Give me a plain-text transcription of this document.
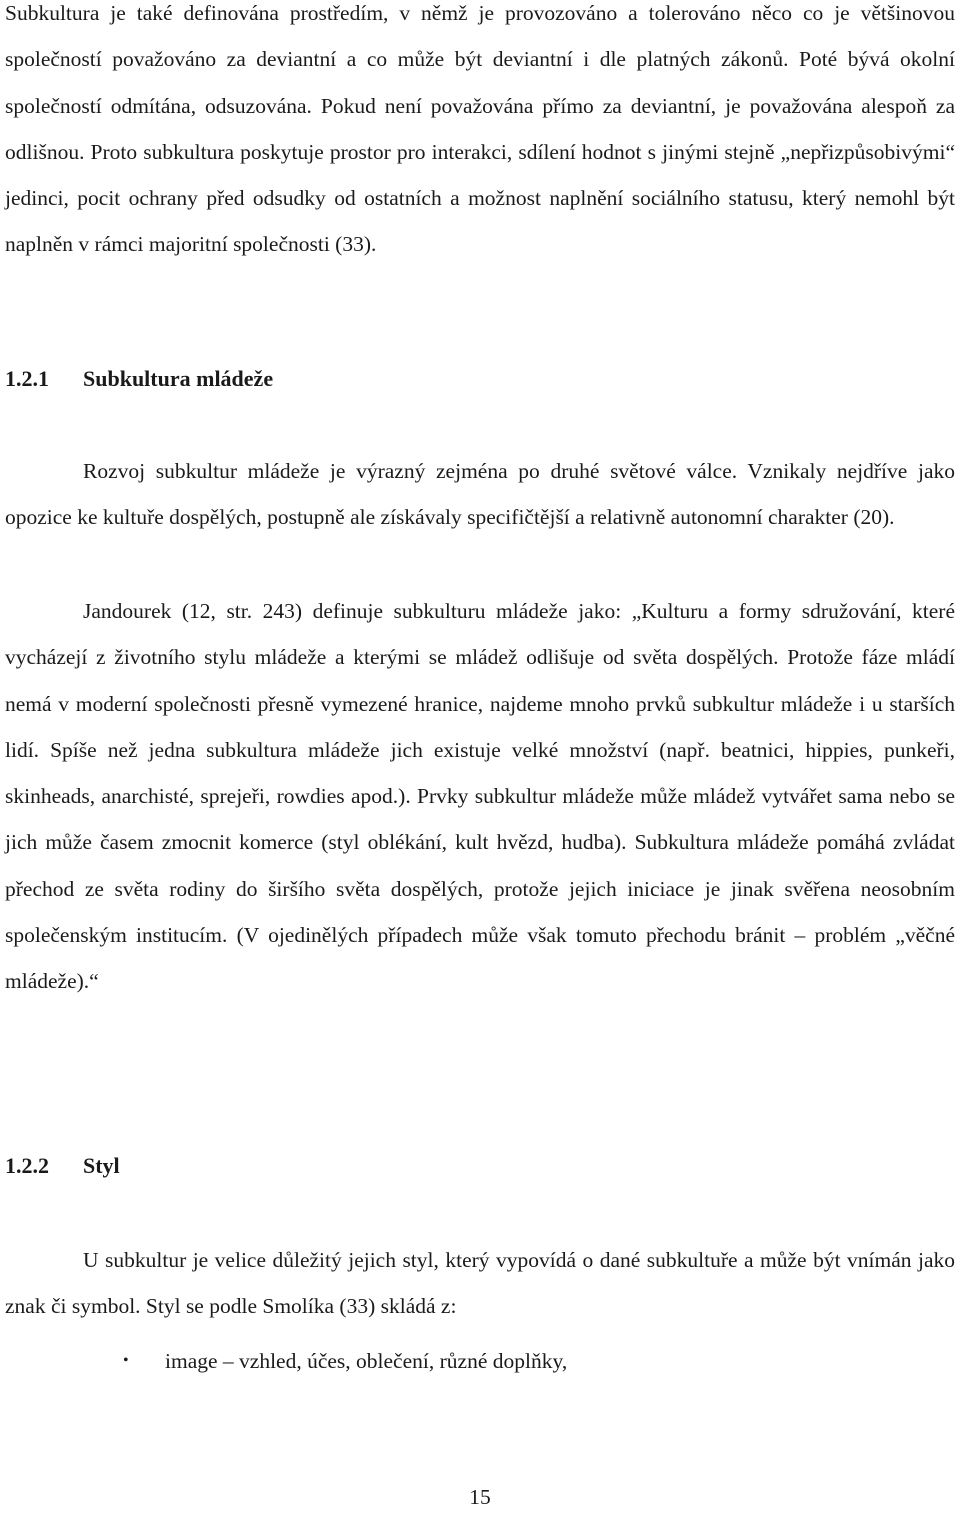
Subkultura je také definována prostředím, v němž je provozováno a tolerováno něco co je většinovou společností považováno za deviantní a co může být deviantní i dle platných zákonů. Poté bývá okolní společností odmítána, odsuzována. Pokud není považována přímo za deviantní, je považována alespoň za odlišnou. Proto subkultura poskytuje prostor pro interakci, sdílení hodnot s jinými stejně „nepřizpůsobivými“ jedinci, pocit ochrany před odsudky od ostatních a možnost naplnění sociálního statusu, který nemohl být naplněn v rámci majoritní společnosti (33).

1.2.1 Subkultura mládeže

Rozvoj subkultur mládeže je výrazný zejména po druhé světové válce. Vznikaly nejdříve jako opozice ke kultuře dospělých, postupně ale získávaly specifičtější a relativně autonomní charakter (20).

Jandourek (12, str. 243) definuje subkulturu mládeže jako: „Kulturu a formy sdružování, které vycházejí z životního stylu mládeže a kterými se mládež odlišuje od světa dospělých. Protože fáze mládí nemá v moderní společnosti přesně vymezené hranice, najdeme mnoho prvků subkultur mládeže i u starších lidí. Spíše než jedna subkultura mládeže jich existuje velké množství (např. beatnici, hippies, punkeři, skinheads, anarchisté, sprejeři, rowdies apod.). Prvky subkultur mládeže může mládež vytvářet sama nebo se jich může časem zmocnit komerce (styl oblékání, kult hvězd, hudba). Subkultura mládeže pomáhá zvládat přechod ze světa rodiny do širšího světa dospělých, protože jejich iniciace je jinak svěřena neosobním společenským institucím. (V ojedinělých případech může však tomuto přechodu bránit – problém „věčné mládeže).“

1.2.2 Styl

U subkultur je velice důležitý jejich styl, který vypovídá o dané subkultuře a může být vnímán jako znak či symbol. Styl se podle Smolíka (33) skládá z:

• image – vzhled, účes, oblečení, různé doplňky,

15
